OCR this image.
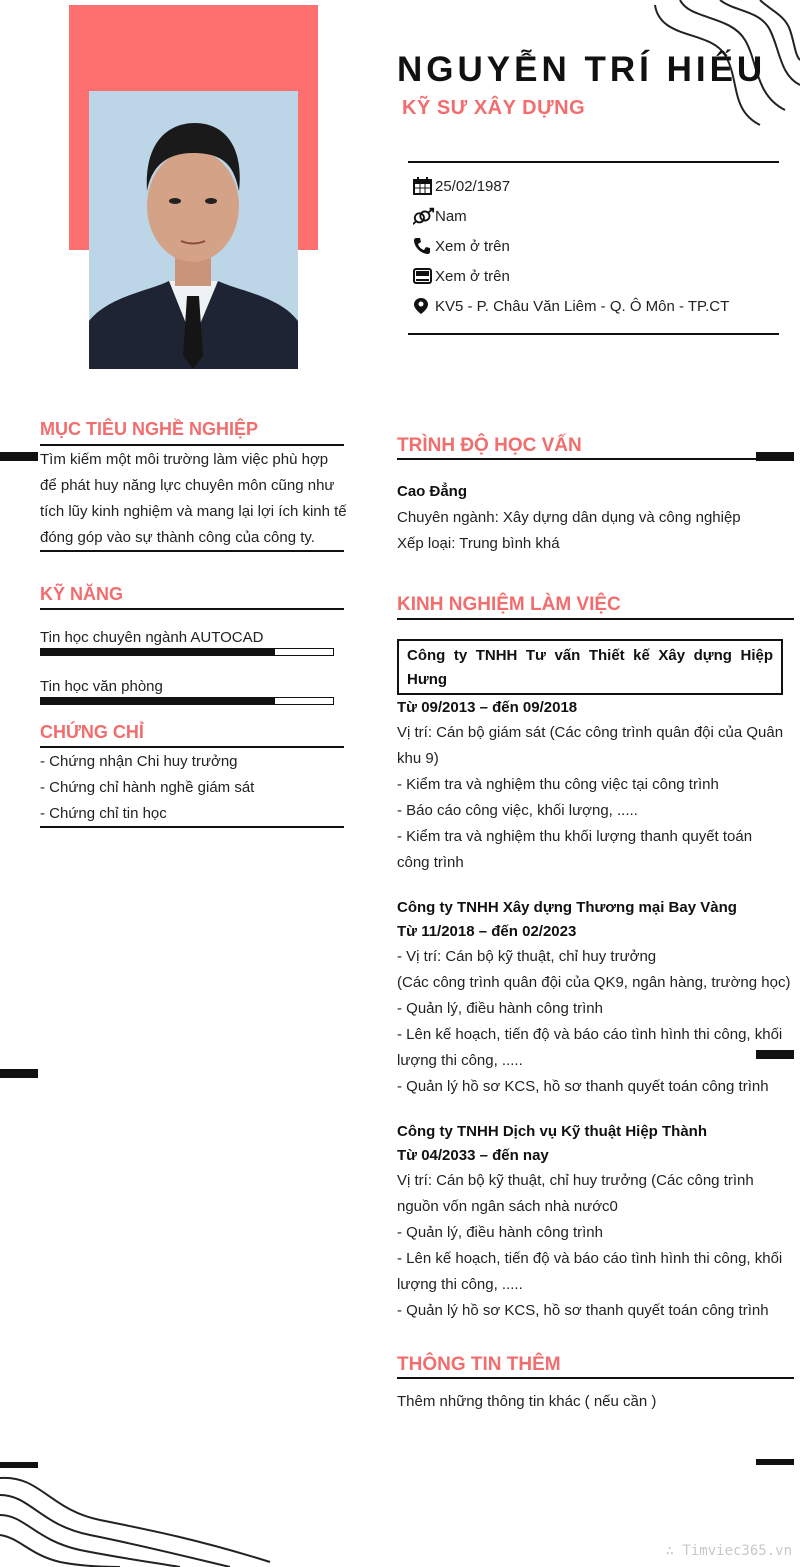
NGUYỄN TRÍ HIẾU
KỸ SƯ XÂY DỰNG
25/02/1987
Nam
Xem ở trên
Xem ở trên
KV5 - P. Châu Văn Liêm - Q. Ô Môn - TP.CT
MỤC TIÊU NGHỀ NGHIỆP
Tìm kiếm một môi trường làm việc phù hợp
để phát huy năng lực chuyên môn cũng như
tích lũy kinh nghiệm và mang lại lợi ích kinh tế
đóng góp vào sự thành công của công ty.
KỸ NĂNG
Tin học chuyên ngành AUTOCAD
Tin học văn phòng
CHỨNG CHỈ
- Chứng nhận Chi huy trưởng
- Chứng chỉ hành nghề giám sát
- Chứng chỉ tin học
TRÌNH ĐỘ HỌC VẤN
Cao Đẳng
Chuyên ngành: Xây dựng dân dụng và công nghiệp
Xếp loại: Trung bình khá
KINH NGHIỆM LÀM VIỆC
Công ty TNHH Tư vấn Thiết kế Xây dựng Hiệp Hưng
Từ 09/2013 – đến 09/2018
Vị trí: Cán bộ giám sát (Các công trình quân đội của Quân
khu 9)
- Kiểm tra và nghiệm thu công việc tại công trình
- Báo cáo công việc, khối lượng, .....
- Kiểm tra và nghiệm thu khối lượng thanh quyết toán
công trình
Công ty TNHH Xây dựng Thương mại Bay Vàng
Từ 11/2018 – đến 02/2023
- Vị trí: Cán bộ kỹ thuật, chỉ huy trưởng
(Các công trình quân đội của QK9, ngân hàng, trường học)
- Quản lý, điều hành công trình
- Lên kế hoạch, tiến độ và báo cáo tình hình thi công, khối
lượng thi công, .....
- Quản lý hồ sơ KCS, hồ sơ thanh quyết toán công trình
Công ty TNHH Dịch vụ Kỹ thuật Hiệp Thành
Từ 04/2033 – đến nay
Vị trí: Cán bộ kỹ thuật, chỉ huy trưởng (Các công trình
nguồn vốn ngân sách nhà nước0
- Quản lý, điều hành công trình
- Lên kế hoạch, tiến độ và báo cáo tình hình thi công, khối
lượng thi công, .....
- Quản lý hồ sơ KCS, hồ sơ thanh quyết toán công trình
THÔNG TIN THÊM
Thêm những thông tin khác ( nếu cần )
∴ Timviec365.vn
